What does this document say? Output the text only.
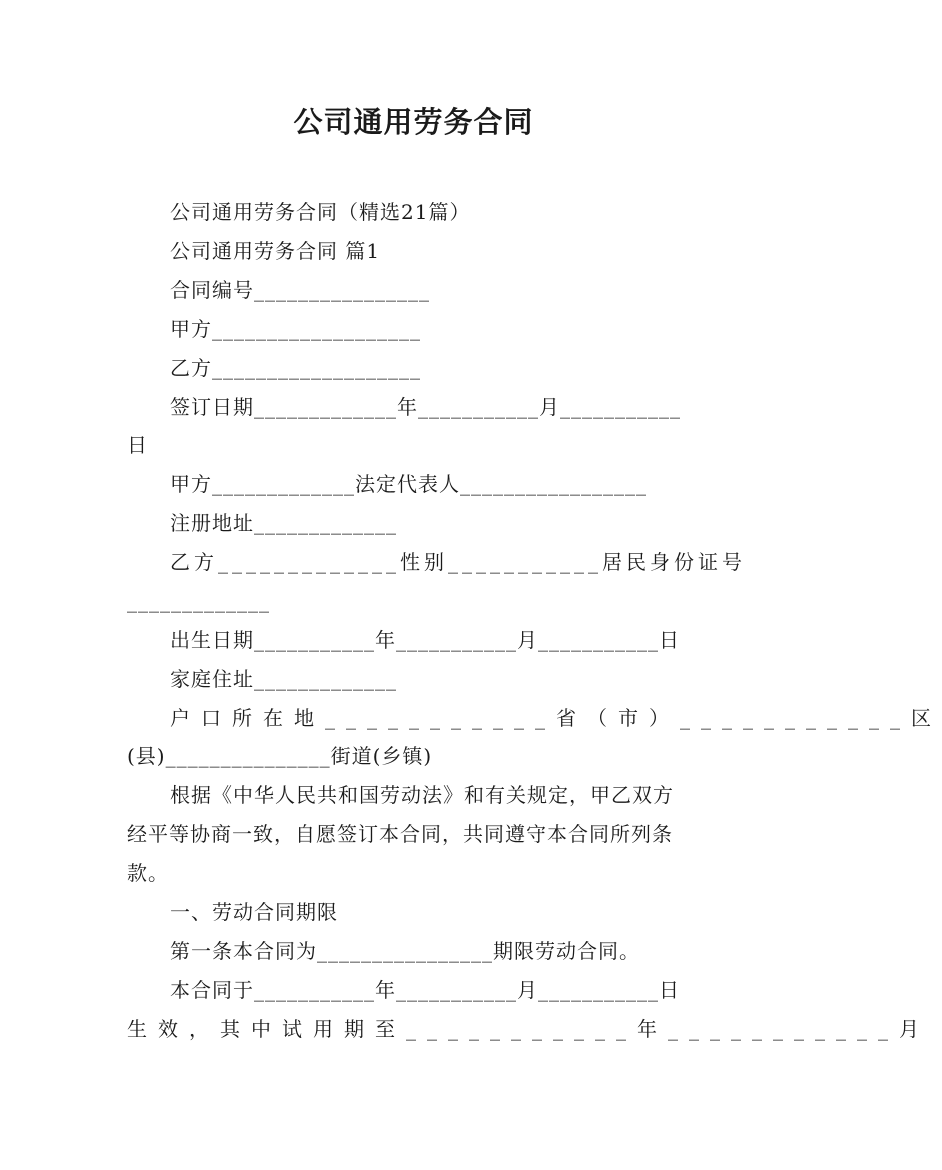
公司通用劳务合同
公司通用劳务合同（精选21篇）
公司通用劳务合同 篇1
合同编号________________
甲方___________________
乙方___________________
签订日期_____________年___________月___________
日
甲方_____________法定代表人_________________
注册地址_____________
乙方_____________性别___________居民身份证号
_____________
出生日期___________年___________月___________日
家庭住址_____________
户口所在地___________省（市）___________区
(县)_______________街道(乡镇)
根据《中华人民共和国劳动法》和有关规定，甲乙双方
经平等协商一致，自愿签订本合同，共同遵守本合同所列条
款。
一、劳动合同期限
第一条本合同为________________期限劳动合同。
本合同于___________年___________月___________日
生效，其中试用期至___________年___________月
